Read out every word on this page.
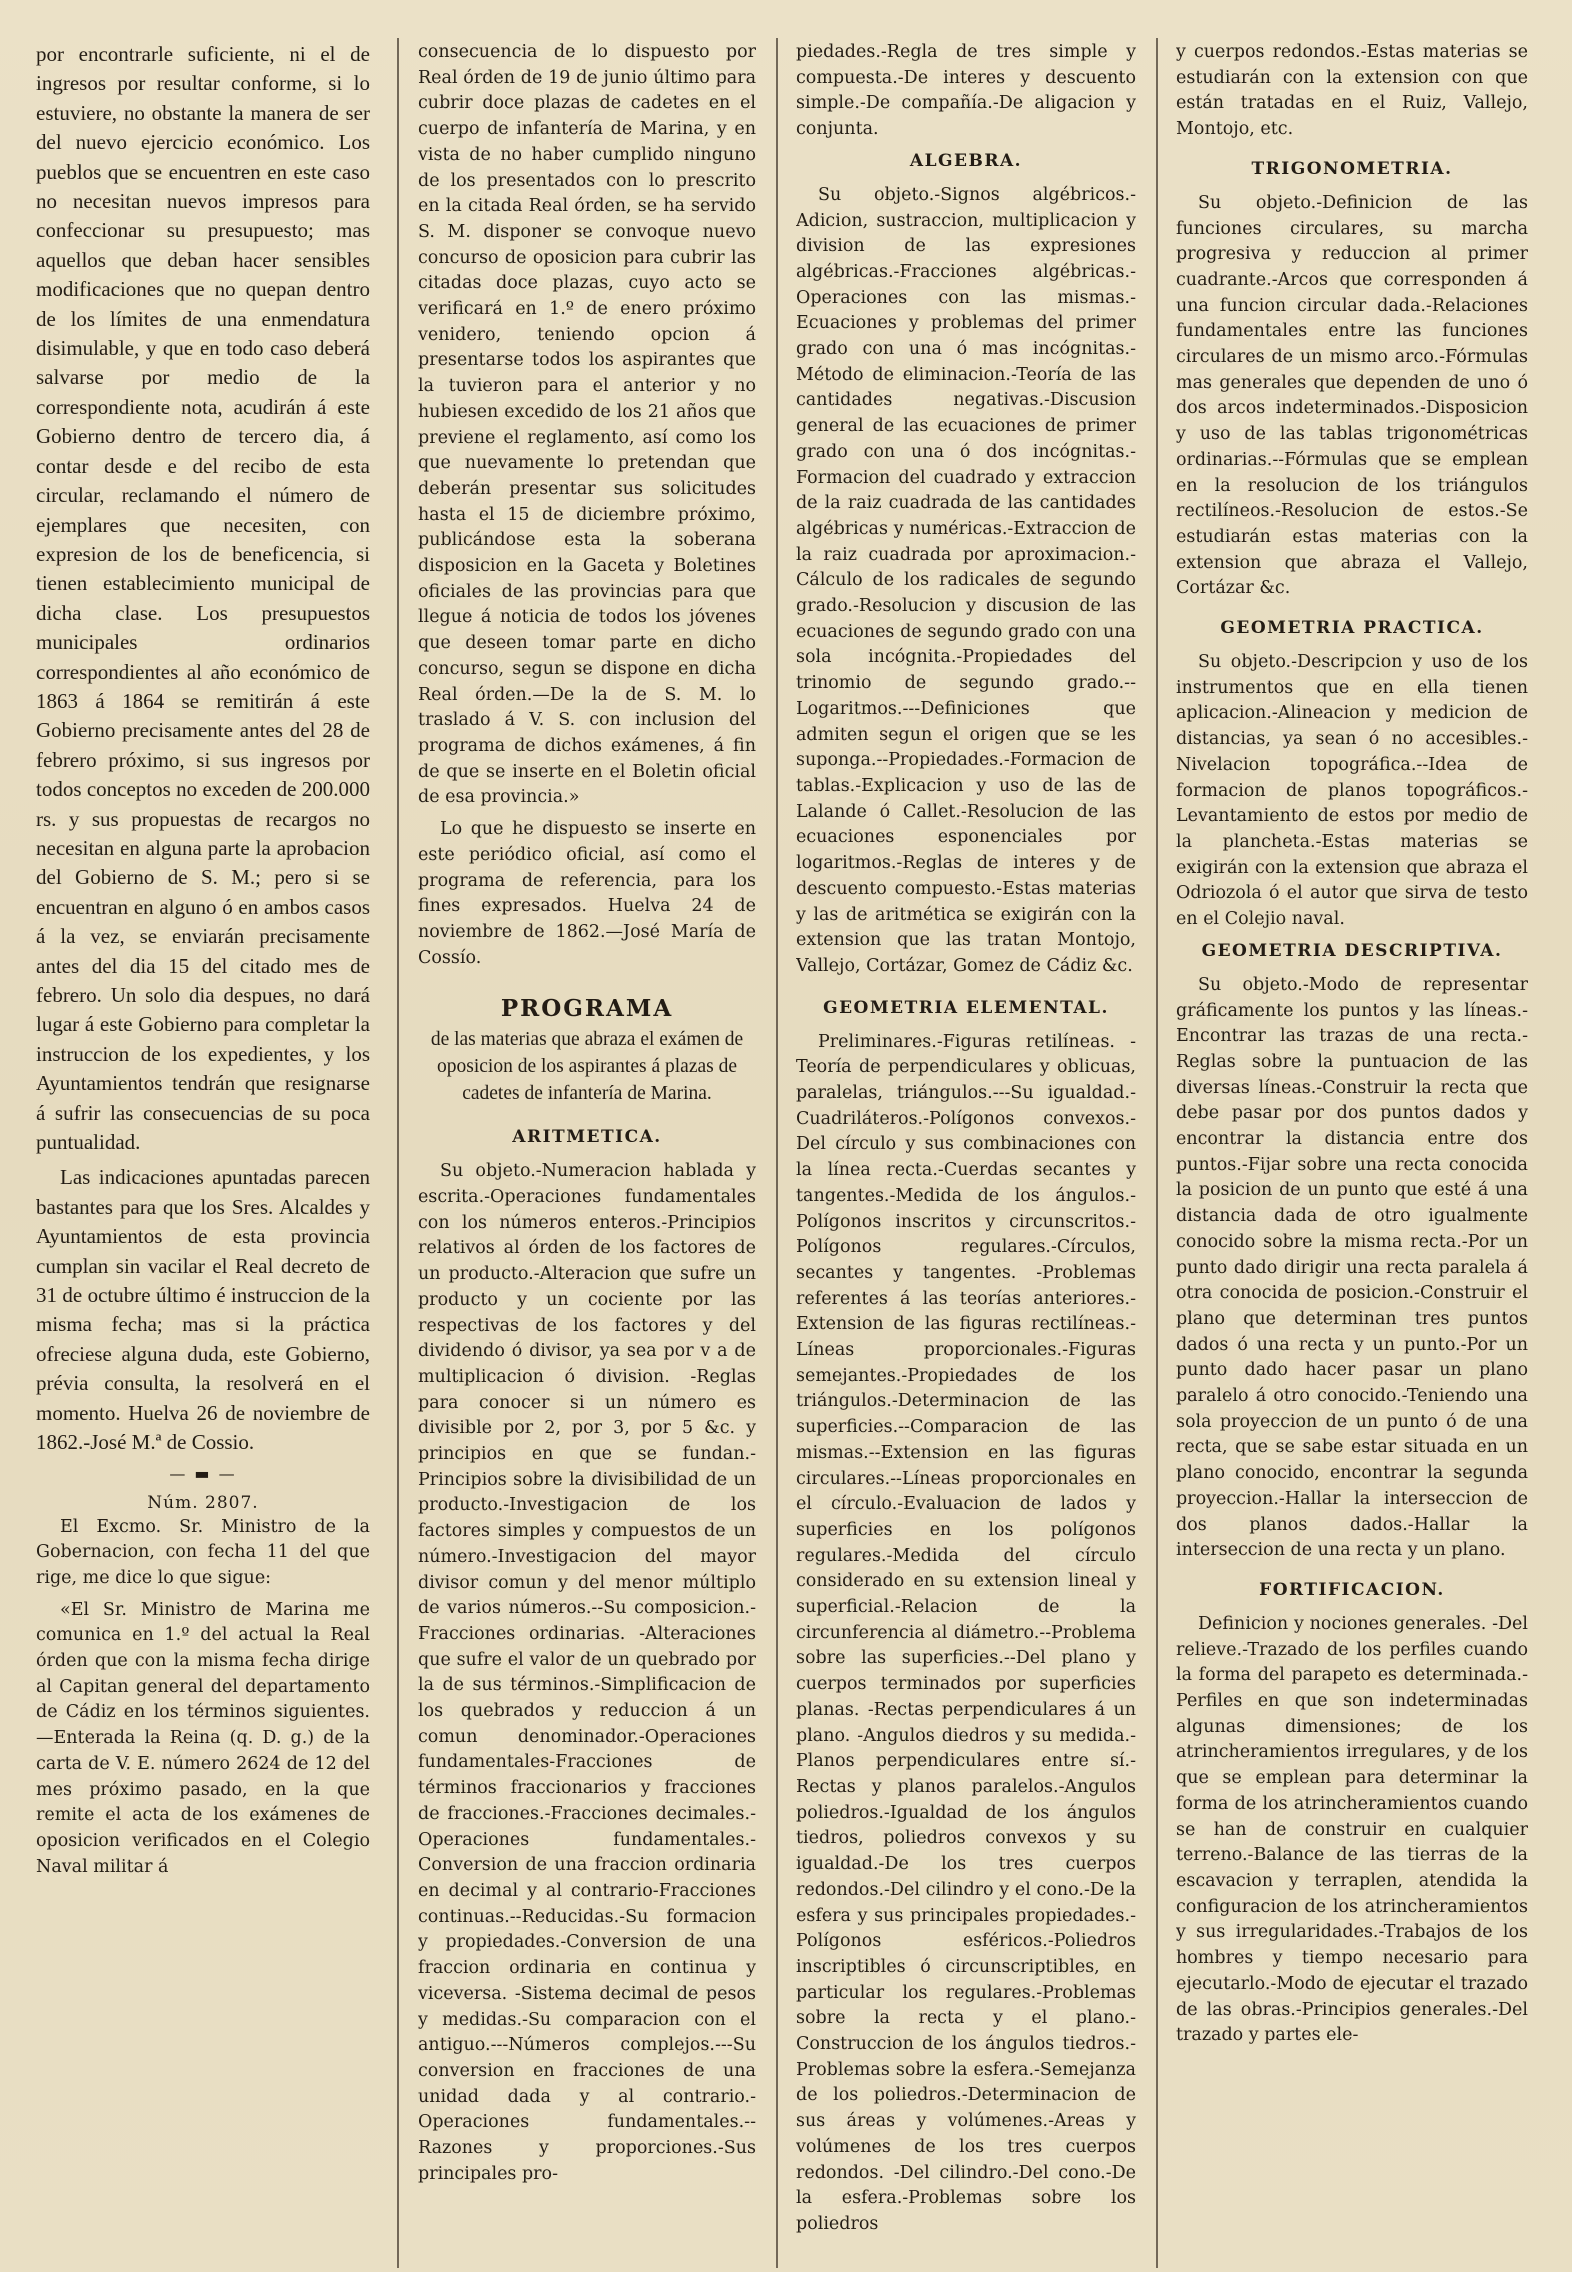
por encontrarle suficiente, ni el de ingresos por resultar conforme, si lo estuviere, no obstante la manera de ser del nuevo ejercicio económico. Los pueblos que se encuentren en este caso no necesitan nuevos impresos para confeccionar su presupuesto; mas aquellos que deban hacer sensibles modificaciones que no quepan dentro de los límites de una enmendatura disimulable, y que en todo caso deberá salvarse por medio de la correspondiente nota, acudirán á este Gobierno dentro de tercero dia, á contar desde e del recibo de esta circular, reclamando el número de ejemplares que necesiten, con expresion de los de beneficencia, si tienen establecimiento municipal de dicha clase. Los presupuestos municipales ordinarios correspondientes al año económico de 1863 á 1864 se remitirán á este Gobierno precisamente antes del 28 de febrero próximo, si sus ingresos por todos conceptos no exceden de 200.000 rs. y sus propuestas de recargos no necesitan en alguna parte la aprobacion del Gobierno de S. M.; pero si se encuentran en alguno ó en ambos casos á la vez, se enviarán precisamente antes del dia 15 del citado mes de febrero. Un solo dia despues, no dará lugar á este Gobierno para completar la instruccion de los expedientes, y los Ayuntamientos tendrán que resignarse á sufrir las consecuencias de su poca puntualidad.

Las indicaciones apuntadas parecen bastantes para que los Sres. Alcaldes y Ayuntamientos de esta provincia cumplan sin vacilar el Real decreto de 31 de octubre último é instruccion de la misma fecha; mas si la práctica ofreciese alguna duda, este Gobierno, prévia consulta, la resolverá en el momento. Huelva 26 de noviembre de 1862.-José M.ª de Cossio.

— ▬ —
Núm. 2807.

El Excmo. Sr. Ministro de la Gobernacion, con fecha 11 del que rige, me dice lo que sigue:

«El Sr. Ministro de Marina me comunica en 1.º del actual la Real órden que con la misma fecha dirige al Capitan general del departamento de Cádiz en los términos siguientes.—Enterada la Reina (q. D. g.) de la carta de V. E. número 2624 de 12 del mes próximo pasado, en la que remite el acta de los exámenes de oposicion verificados en el Colegio Naval militar á

consecuencia de lo dispuesto por Real órden de 19 de junio último para cubrir doce plazas de cadetes en el cuerpo de infantería de Marina, y en vista de no haber cumplido ninguno de los presentados con lo prescrito en la citada Real órden, se ha servido S. M. disponer se convoque nuevo concurso de oposicion para cubrir las citadas doce plazas, cuyo acto se verificará en 1.º de enero próximo venidero, teniendo opcion á presentarse todos los aspirantes que la tuvieron para el anterior y no hubiesen excedido de los 21 años que previene el reglamento, así como los que nuevamente lo pretendan que deberán presentar sus solicitudes hasta el 15 de diciembre próximo, publicándose esta la soberana disposicion en la Gaceta y Boletines oficiales de las provincias para que llegue á noticia de todos los jóvenes que deseen tomar parte en dicho concurso, segun se dispone en dicha Real órden.—De la de S. M. lo traslado á V. S. con inclusion del programa de dichos exámenes, á fin de que se inserte en el Boletin oficial de esa provincia.»

Lo que he dispuesto se inserte en este periódico oficial, así como el programa de referencia, para los fines expresados. Huelva 24 de noviembre de 1862.—José María de Cossío.

PROGRAMA
de las materias que abraza el exámen de oposicion de los aspirantes á plazas de cadetes de infantería de Marina.
ARITMETICA.

Su objeto.-Numeracion hablada y escrita.-Operaciones fundamentales con los números enteros.-Principios relativos al órden de los factores de un producto.-Alteracion que sufre un producto y un cociente por las respectivas de los factores y del dividendo ó divisor, ya sea por v a de multiplicacion ó division. -Reglas para conocer si un número es divisible por 2, por 3, por 5 &c. y principios en que se fundan.-Principios sobre la divisibilidad de un producto.-Investigacion de los factores simples y compuestos de un número.-Investigacion del mayor divisor comun y del menor múltiplo de varios números.--Su composicion.-Fracciones ordinarias. -Alteraciones que sufre el valor de un quebrado por la de sus términos.-Simplificacion de los quebrados y reduccion á un comun denominador.-Operaciones fundamentales-Fracciones de términos fraccionarios y fracciones de fracciones.-Fracciones decimales.-Operaciones fundamentales.-Conversion de una fraccion ordinaria en decimal y al contrario-Fracciones continuas.--Reducidas.-Su formacion y propiedades.-Conversion de una fraccion ordinaria en continua y viceversa. -Sistema decimal de pesos y medidas.-Su comparacion con el antiguo.---Números complejos.---Su conversion en fracciones de una unidad dada y al contrario.-Operaciones fundamentales.--Razones y proporciones.-Sus principales pro-

piedades.-Regla de tres simple y compuesta.-De interes y descuento simple.-De compañía.-De aligacion y conjunta.

ALGEBRA.

Su objeto.-Signos algébricos.-Adicion, sustraccion, multiplicacion y division de las expresiones algébricas.-Fracciones algébricas.-Operaciones con las mismas.-Ecuaciones y problemas del primer grado con una ó mas incógnitas.-Método de eliminacion.-Teoría de las cantidades negativas.-Discusion general de las ecuaciones de primer grado con una ó dos incógnitas.-Formacion del cuadrado y extraccion de la raiz cuadrada de las cantidades algébricas y numéricas.-Extraccion de la raiz cuadrada por aproximacion.-Cálculo de los radicales de segundo grado.-Resolucion y discusion de las ecuaciones de segundo grado con una sola incógnita.-Propiedades del trinomio de segundo grado.--Logaritmos.---Definiciones que admiten segun el origen que se les suponga.--Propiedades.-Formacion de tablas.-Explicacion y uso de las de Lalande ó Callet.-Resolucion de las ecuaciones esponenciales por logaritmos.-Reglas de interes y de descuento compuesto.-Estas materias y las de aritmética se exigirán con la extension que las tratan Montojo, Vallejo, Cortázar, Gomez de Cádiz &c.

GEOMETRIA ELEMENTAL.

Preliminares.-Figuras retilíneas. -Teoría de perpendiculares y oblicuas, paralelas, triángulos.---Su igualdad.-Cuadriláteros.-Polígonos convexos.-Del círculo y sus combinaciones con la línea recta.-Cuerdas secantes y tangentes.-Medida de los ángulos.-Polígonos inscritos y circunscritos.-Polígonos regulares.-Círculos, secantes y tangentes. -Problemas referentes á las teorías anteriores.-Extension de las figuras rectilíneas.-Líneas proporcionales.-Figuras semejantes.-Propiedades de los triángulos.-Determinacion de las superficies.--Comparacion de las mismas.--Extension en las figuras circulares.--Líneas proporcionales en el círculo.-Evaluacion de lados y superficies en los polígonos regulares.-Medida del círculo considerado en su extension lineal y superficial.-Relacion de la circunferencia al diámetro.--Problema sobre las superficies.--Del plano y cuerpos terminados por superficies planas. -Rectas perpendiculares á un plano. -Angulos diedros y su medida.-Planos perpendiculares entre sí.-Rectas y planos paralelos.-Angulos poliedros.-Igualdad de los ángulos tiedros, poliedros convexos y su igualdad.-De los tres cuerpos redondos.-Del cilindro y el cono.-De la esfera y sus principales propiedades.-Polígonos esféricos.-Poliedros inscriptibles ó circunscriptibles, en particular los regulares.-Problemas sobre la recta y el plano.-Construccion de los ángulos tiedros.-Problemas sobre la esfera.-Semejanza de los poliedros.-Determinacion de sus áreas y volúmenes.-Areas y volúmenes de los tres cuerpos redondos. -Del cilindro.-Del cono.-De la esfera.-Problemas sobre los poliedros

y cuerpos redondos.-Estas materias se estudiarán con la extension con que están tratadas en el Ruiz, Vallejo, Montojo, etc.

TRIGONOMETRIA.

Su objeto.-Definicion de las funciones circulares, su marcha progresiva y reduccion al primer cuadrante.-Arcos que corresponden á una funcion circular dada.-Relaciones fundamentales entre las funciones circulares de un mismo arco.-Fórmulas mas generales que dependen de uno ó dos arcos indeterminados.-Disposicion y uso de las tablas trigonométricas ordinarias.--Fórmulas que se emplean en la resolucion de los triángulos rectilíneos.-Resolucion de estos.-Se estudiarán estas materias con la extension que abraza el Vallejo, Cortázar &c.

GEOMETRIA PRACTICA.

Su objeto.-Descripcion y uso de los instrumentos que en ella tienen aplicacion.-Alineacion y medicion de distancias, ya sean ó no accesibles.-Nivelacion topográfica.--Idea de formacion de planos topográficos.-Levantamiento de estos por medio de la plancheta.-Estas materias se exigirán con la extension que abraza el Odriozola ó el autor que sirva de testo en el Colejio naval.

GEOMETRIA DESCRIPTIVA.

Su objeto.-Modo de representar gráficamente los puntos y las líneas.-Encontrar las trazas de una recta.-Reglas sobre la puntuacion de las diversas líneas.-Construir la recta que debe pasar por dos puntos dados y encontrar la distancia entre dos puntos.-Fijar sobre una recta conocida la posicion de un punto que esté á una distancia dada de otro igualmente conocido sobre la misma recta.-Por un punto dado dirigir una recta paralela á otra conocida de posicion.-Construir el plano que determinan tres puntos dados ó una recta y un punto.-Por un punto dado hacer pasar un plano paralelo á otro conocido.-Teniendo una sola proyeccion de un punto ó de una recta, que se sabe estar situada en un plano conocido, encontrar la segunda proyeccion.-Hallar la interseccion de dos planos dados.-Hallar la interseccion de una recta y un plano.

FORTIFICACION.

Definicion y nociones generales. -Del relieve.-Trazado de los perfiles cuando la forma del parapeto es determinada.-Perfiles en que son indeterminadas algunas dimensiones; de los atrincheramientos irregulares, y de los que se emplean para determinar la forma de los atrincheramientos cuando se han de construir en cualquier terreno.-Balance de las tierras de la escavacion y terraplen, atendida la configuracion de los atrincheramientos y sus irregularidades.-Trabajos de los hombres y tiempo necesario para ejecutarlo.-Modo de ejecutar el trazado de las obras.-Principios generales.-Del trazado y partes ele-
